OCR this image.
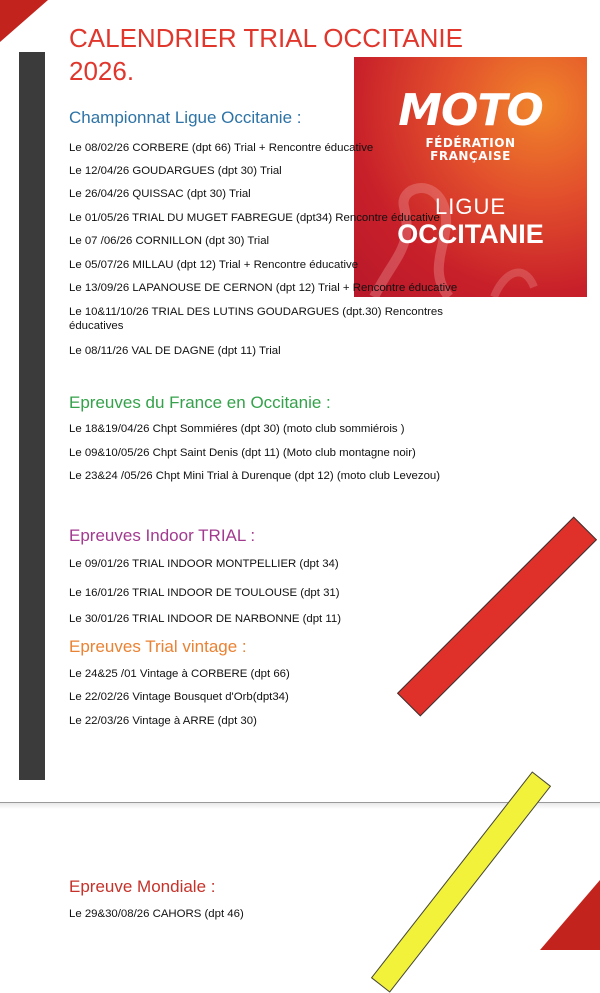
CALENDRIER TRIAL OCCITANIE 2026.
MOTO
FÉDÉRATION
FRANÇAISE
LIGUE
OCCITANIE
Championnat Ligue Occitanie :
Le 08/02/26 CORBERE (dpt 66) Trial + Rencontre éducative
Le 12/04/26 GOUDARGUES (dpt 30) Trial
Le 26/04/26 QUISSAC (dpt 30) Trial
Le 01/05/26 TRIAL DU MUGET FABREGUE (dpt34) Rencontre éducative
Le 07 /06/26 CORNILLON (dpt 30) Trial
Le 05/07/26 MILLAU (dpt 12) Trial + Rencontre éducative
Le 13/09/26 LAPANOUSE DE CERNON (dpt 12) Trial + Rencontre éducative
Le 10&11/10/26 TRIAL DES LUTINS GOUDARGUES (dpt.30) Rencontres éducatives
Le 08/11/26 VAL DE DAGNE (dpt 11) Trial
Epreuves du France en Occitanie :
Le 18&19/04/26 Chpt Sommiéres (dpt 30) (moto club sommiérois )
Le 09&10/05/26 Chpt Saint Denis (dpt 11) (Moto club montagne noir)
Le 23&24 /05/26 Chpt Mini Trial à Durenque (dpt 12) (moto club Levezou)
Epreuves Indoor TRIAL :
Le 09/01/26 TRIAL INDOOR MONTPELLIER (dpt 34)
Le 16/01/26 TRIAL INDOOR DE TOULOUSE (dpt 31)
Le 30/01/26 TRIAL INDOOR DE NARBONNE (dpt 11)
Epreuves Trial vintage :
Le 24&25 /01 Vintage à CORBERE (dpt 66)
Le 22/02/26 Vintage Bousquet d'Orb(dpt34)
Le 22/03/26 Vintage à ARRE (dpt 30)
Epreuve Mondiale :
Le 29&30/08/26 CAHORS (dpt 46)
